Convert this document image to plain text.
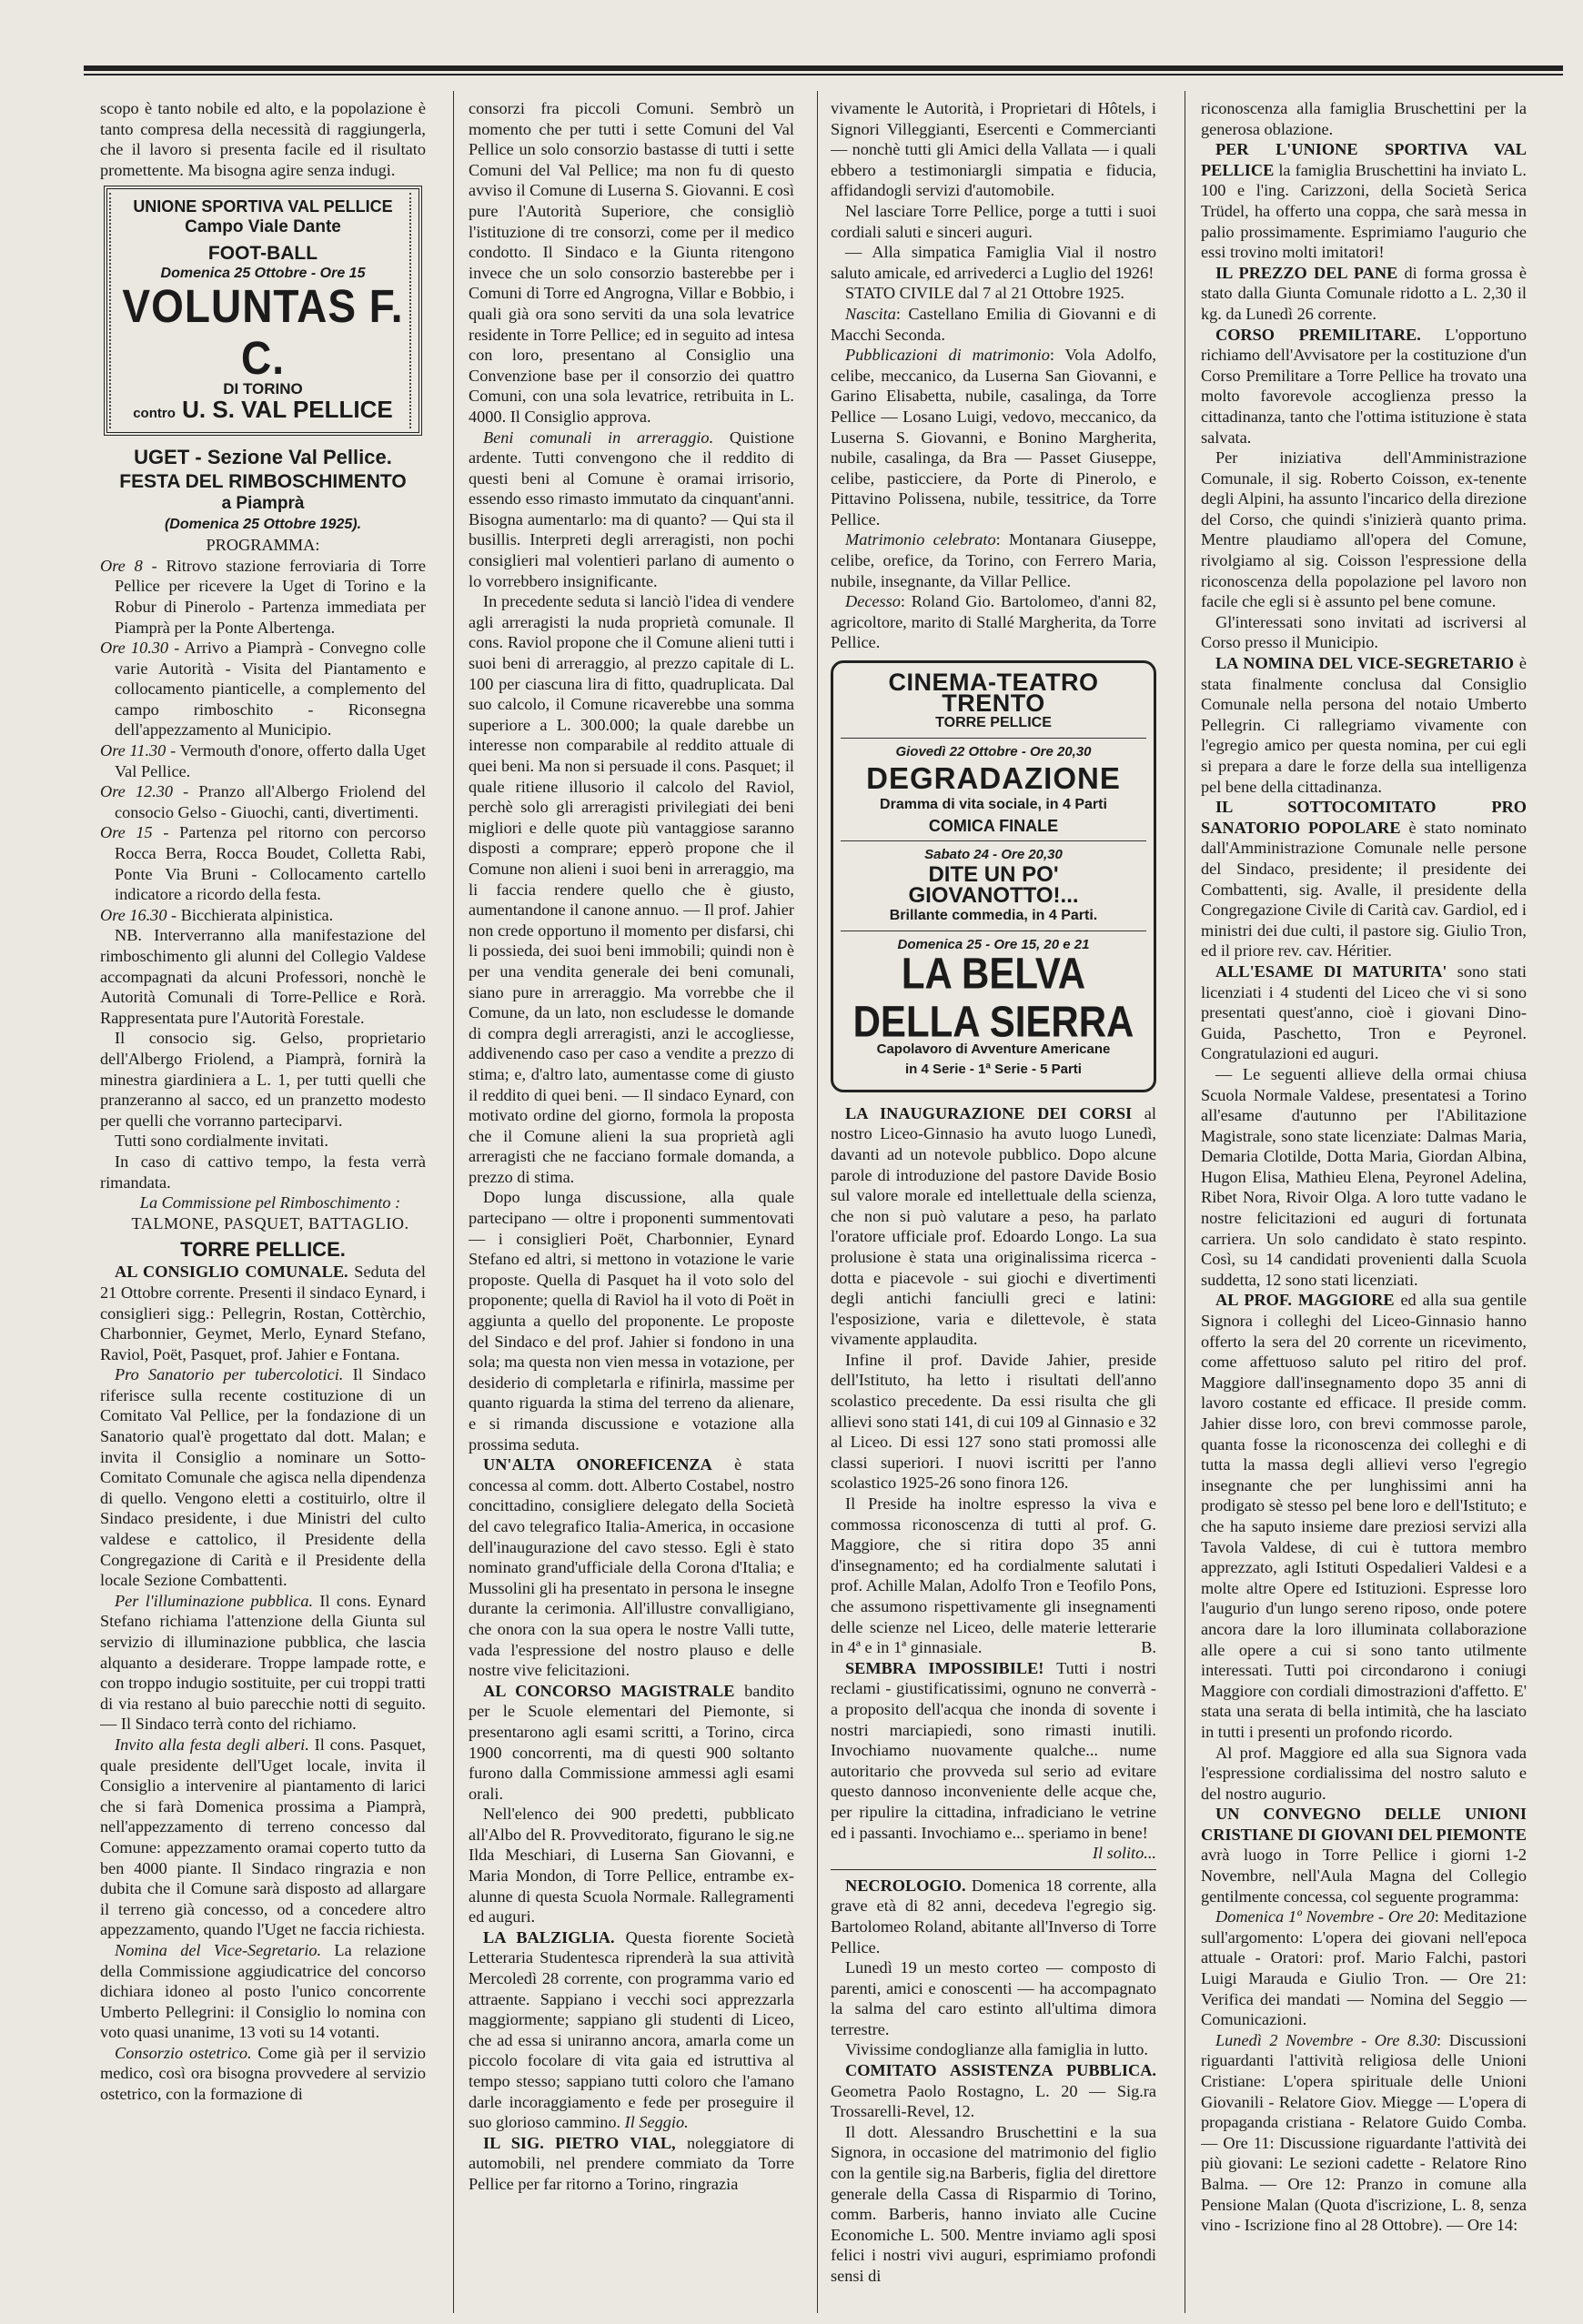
scopo è tanto nobile ed alto, e la popolazione è tanto compresa della necessità di raggiungerla, che il lavoro si presenta facile ed il risultato promettente. Ma bisogna agire senza indugi.

UNIONE SPORTIVA VAL PELLICE
Campo Viale Dante
FOOT-BALL
Domenica 25 Ottobre - Ore 15
VOLUNTAS F. C.
DI TORINO
contro U. S. VAL PELLICE
UGET - Sezione Val Pellice.
FESTA DEL RIMBOSCHIMENTO
a Piamprà
(Domenica 25 Ottobre 1925).
PROGRAMMA:

Ore 8 - Ritrovo stazione ferroviaria di Torre Pellice per ricevere la Uget di Torino e la Robur di Pinerolo - Partenza immediata per Piamprà per la Ponte Albertenga.

Ore 10.30 - Arrivo a Piamprà - Convegno colle varie Autorità - Visita del Piantamento e collocamento pianticelle, a complemento del campo rimboschito - Riconsegna dell'appezzamento al Municipio.

Ore 11.30 - Vermouth d'onore, offerto dalla Uget Val Pellice.

Ore 12.30 - Pranzo all'Albergo Friolend del consocio Gelso - Giuochi, canti, divertimenti.

Ore 15 - Partenza pel ritorno con percorso Rocca Berra, Rocca Boudet, Colletta Rabi, Ponte Via Bruni - Collocamento cartello indicatore a ricordo della festa.

Ore 16.30 - Bicchierata alpinistica.

NB. Interverranno alla manifestazione del rimboschimento gli alunni del Collegio Valdese accompagnati da alcuni Professori, nonchè le Autorità Comunali di Torre-Pellice e Rorà. Rappresentata pure l'Autorità Forestale.

Il consocio sig. Gelso, proprietario dell'Albergo Friolend, a Piamprà, fornirà la minestra giardiniera a L. 1, per tutti quelli che pranzeranno al sacco, ed un pranzetto modesto per quelli che vorranno parteciparvi.

Tutti sono cordialmente invitati.

In caso di cattivo tempo, la festa verrà rimandata.

La Commissione pel Rimboschimento :

TALMONE, PASQUET, BATTAGLIO.

TORRE PELLICE.

AL CONSIGLIO COMUNALE. Seduta del 21 Ottobre corrente. Presenti il sindaco Eynard, i consiglieri sigg.: Pellegrin, Rostan, Cottèrchio, Charbonnier, Geymet, Merlo, Eynard Stefano, Raviol, Poët, Pasquet, prof. Jahier e Fontana.

Pro Sanatorio per tubercolotici. Il Sindaco riferisce sulla recente costituzione di un Comitato Val Pellice, per la fondazione di un Sanatorio qual'è progettato dal dott. Malan; e invita il Consiglio a nominare un Sotto-Comitato Comunale che agisca nella dipendenza di quello. Vengono eletti a costituirlo, oltre il Sindaco presidente, i due Ministri del culto valdese e cattolico, il Presidente della Congregazione di Carità e il Presidente della locale Sezione Combattenti.

Per l'illuminazione pubblica. Il cons. Eynard Stefano richiama l'attenzione della Giunta sul servizio di illuminazione pubblica, che lascia alquanto a desiderare. Troppe lampade rotte, e con troppo indugio sostituite, per cui troppi tratti di via restano al buio parecchie notti di seguito. — Il Sindaco terrà conto del richiamo.

Invito alla festa degli alberi. Il cons. Pasquet, quale presidente dell'Uget locale, invita il Consiglio a intervenire al piantamento di larici che si farà Domenica prossima a Piamprà, nell'appezzamento di terreno concesso dal Comune: appezzamento oramai coperto tutto da ben 4000 piante. Il Sindaco ringrazia e non dubita che il Comune sarà disposto ad allargare il terreno già concesso, od a concedere altro appezzamento, quando l'Uget ne faccia richiesta.

Nomina del Vice-Segretario. La relazione della Commissione aggiudicatrice del concorso dichiara idoneo al posto l'unico concorrente Umberto Pellegrini: il Consiglio lo nomina con voto quasi unanime, 13 voti su 14 votanti.

Consorzio ostetrico. Come già per il servizio medico, così ora bisogna provvedere al servizio ostetrico, con la formazione di

consorzi fra piccoli Comuni. Sembrò un momento che per tutti i sette Comuni del Val Pellice un solo consorzio bastasse di tutti i sette Comuni del Val Pellice; ma non fu di questo avviso il Comune di Luserna S. Giovanni. E così pure l'Autorità Superiore, che consigliò l'istituzione di tre consorzi, come per il medico condotto. Il Sindaco e la Giunta ritengono invece che un solo consorzio basterebbe per i Comuni di Torre ed Angrogna, Villar e Bobbio, i quali già ora sono serviti da una sola levatrice residente in Torre Pellice; ed in seguito ad intesa con loro, presentano al Consiglio una Convenzione base per il consorzio dei quattro Comuni, con una sola levatrice, retribuita in L. 4000. Il Consiglio approva.

Beni comunali in arreraggio. Quistione ardente. Tutti convengono che il reddito di questi beni al Comune è oramai irrisorio, essendo esso rimasto immutato da cinquant'anni. Bisogna aumentarlo: ma di quanto? — Qui sta il busillis. Interpreti degli arreragisti, non pochi consiglieri mal volentieri parlano di aumento o lo vorrebbero insignificante.

In precedente seduta si lanciò l'idea di vendere agli arreragisti la nuda proprietà comunale. Il cons. Raviol propone che il Comune alieni tutti i suoi beni di arreraggio, al prezzo capitale di L. 100 per ciascuna lira di fitto, quadruplicata. Dal suo calcolo, il Comune ricaverebbe una somma superiore a L. 300.000; la quale darebbe un interesse non comparabile al reddito attuale di quei beni. Ma non si persuade il cons. Pasquet; il quale ritiene illusorio il calcolo del Raviol, perchè solo gli arreragisti privilegiati dei beni migliori e delle quote più vantaggiose saranno disposti a comprare; epperò propone che il Comune non alieni i suoi beni in arreraggio, ma li faccia rendere quello che è giusto, aumentandone il canone annuo. — Il prof. Jahier non crede opportuno il momento per disfarsi, chi li possieda, dei suoi beni immobili; quindi non è per una vendita generale dei beni comunali, siano pure in arreraggio. Ma vorrebbe che il Comune, da un lato, non escludesse le domande di compra degli arreragisti, anzi le accogliesse, addivenendo caso per caso a vendite a prezzo di stima; e, d'altro lato, aumentasse come di giusto il reddito di quei beni. — Il sindaco Eynard, con motivato ordine del giorno, formola la proposta che il Comune alieni la sua proprietà agli arreragisti che ne facciano formale domanda, a prezzo di stima.

Dopo lunga discussione, alla quale partecipano — oltre i proponenti summentovati — i consiglieri Poët, Charbonnier, Eynard Stefano ed altri, si mettono in votazione le varie proposte. Quella di Pasquet ha il voto solo del proponente; quella di Raviol ha il voto di Poët in aggiunta a quello del proponente. Le proposte del Sindaco e del prof. Jahier si fondono in una sola; ma questa non vien messa in votazione, per desiderio di completarla e rifinirla, massime per quanto riguarda la stima del terreno da alienare, e si rimanda discussione e votazione alla prossima seduta.

UN'ALTA ONOREFICENZA è stata concessa al comm. dott. Alberto Costabel, nostro concittadino, consigliere delegato della Società del cavo telegrafico Italia-America, in occasione dell'inaugurazione del cavo stesso. Egli è stato nominato grand'ufficiale della Corona d'Italia; e Mussolini gli ha presentato in persona le insegne durante la cerimonia. All'illustre convalligiano, che onora con la sua opera le nostre Valli tutte, vada l'espressione del nostro plauso e delle nostre vive felicitazioni.

AL CONCORSO MAGISTRALE bandito per le Scuole elementari del Piemonte, si presentarono agli esami scritti, a Torino, circa 1900 concorrenti, ma di questi 900 soltanto furono dalla Commissione ammessi agli esami orali.

Nell'elenco dei 900 predetti, pubblicato all'Albo del R. Provveditorato, figurano le sig.ne Ilda Meschiari, di Luserna San Giovanni, e Maria Mondon, di Torre Pellice, entrambe ex-alunne di questa Scuola Normale. Rallegramenti ed auguri.

LA BALZIGLIA. Questa fiorente Società Letteraria Studentesca riprenderà la sua attività Mercoledì 28 corrente, con programma vario ed attraente. Sappiano i vecchi soci apprezzarla maggiormente; sappiano gli studenti di Liceo, che ad essa si uniranno ancora, amarla come un piccolo focolare di vita gaia ed istruttiva al tempo stesso; sappiano tutti coloro che l'amano darle incoraggiamento e fede per proseguire il suo glorioso cammino. Il Seggio.

IL SIG. PIETRO VIAL, noleggiatore di automobili, nel prendere commiato da Torre Pellice per far ritorno a Torino, ringrazia

vivamente le Autorità, i Proprietari di Hôtels, i Signori Villeggianti, Esercenti e Commercianti — nonchè tutti gli Amici della Vallata — i quali ebbero a testimoniargli simpatia e fiducia, affidandogli servizi d'automobile.

Nel lasciare Torre Pellice, porge a tutti i suoi cordiali saluti e sinceri auguri.

— Alla simpatica Famiglia Vial il nostro saluto amicale, ed arrivederci a Luglio del 1926!

STATO CIVILE dal 7 al 21 Ottobre 1925.

Nascita: Castellano Emilia di Giovanni e di Macchi Seconda.

Pubblicazioni di matrimonio: Vola Adolfo, celibe, meccanico, da Luserna San Giovanni, e Garino Elisabetta, nubile, casalinga, da Torre Pellice — Losano Luigi, vedovo, meccanico, da Luserna S. Giovanni, e Bonino Margherita, nubile, casalinga, da Bra — Passet Giuseppe, celibe, pasticciere, da Porte di Pinerolo, e Pittavino Polissena, nubile, tessitrice, da Torre Pellice.

Matrimonio celebrato: Montanara Giuseppe, celibe, orefice, da Torino, con Ferrero Maria, nubile, insegnante, da Villar Pellice.

Decesso: Roland Gio. Bartolomeo, d'anni 82, agricoltore, marito di Stallé Margherita, da Torre Pellice.

CINEMA-TEATRO TRENTO
TORRE PELLICE
Giovedì 22 Ottobre - Ore 20,30
DEGRADAZIONE
Dramma di vita sociale, in 4 Parti
COMICA FINALE
Sabato 24 - Ore 20,30
DITE UN PO' GIOVANOTTO!...
Brillante commedia, in 4 Parti.
Domenica 25 - Ore 15, 20 e 21
LA BELVA DELLA SIERRA
Capolavoro di Avventure Americane
in 4 Serie - 1ª Serie - 5 Parti

LA INAUGURAZIONE DEI CORSI al nostro Liceo-Ginnasio ha avuto luogo Lunedì, davanti ad un notevole pubblico. Dopo alcune parole di introduzione del pastore Davide Bosio sul valore morale ed intellettuale della scienza, che non si può valutare a peso, ha parlato l'oratore ufficiale prof. Edoardo Longo. La sua prolusione è stata una originalissima ricerca - dotta e piacevole - sui giochi e divertimenti degli antichi fanciulli greci e latini: l'esposizione, varia e dilettevole, è stata vivamente applaudita.

Infine il prof. Davide Jahier, preside dell'Istituto, ha letto i risultati dell'anno scolastico precedente. Da essi risulta che gli allievi sono stati 141, di cui 109 al Ginnasio e 32 al Liceo. Di essi 127 sono stati promossi alle classi superiori. I nuovi iscritti per l'anno scolastico 1925-26 sono finora 126.

Il Preside ha inoltre espresso la viva e commossa riconoscenza di tutti al prof. G. Maggiore, che si ritira dopo 35 anni d'insegnamento; ed ha cordialmente salutati i prof. Achille Malan, Adolfo Tron e Teofilo Pons, che assumono rispettivamente gli insegnamenti delle scienze nel Liceo, delle materie letterarie in 4ª e in 1ª ginnasiale.	B.

SEMBRA IMPOSSIBILE! Tutti i nostri reclami - giustificatissimi, ognuno ne converrà - a proposito dell'acqua che inonda di sovente i nostri marciapiedi, sono rimasti inutili. Invochiamo nuovamente qualche... nume autoritario che provveda sul serio ad evitare questo dannoso inconveniente delle acque che, per ripulire la cittadina, infradiciano le vetrine ed i passanti. Invochiamo e... speriamo in bene!

Il solito...

NECROLOGIO. Domenica 18 corrente, alla grave età di 82 anni, decedeva l'egregio sig. Bartolomeo Roland, abitante all'Inverso di Torre Pellice.

Lunedì 19 un mesto corteo — composto di parenti, amici e conoscenti — ha accompagnato la salma del caro estinto all'ultima dimora terrestre.

Vivissime condoglianze alla famiglia in lutto.

COMITATO ASSISTENZA PUBBLICA. Geometra Paolo Rostagno, L. 20 — Sig.ra Trossarelli-Revel, 12.

Il dott. Alessandro Bruschettini e la sua Signora, in occasione del matrimonio del figlio con la gentile sig.na Barberis, figlia del direttore generale della Cassa di Risparmio di Torino, comm. Barberis, hanno inviato alle Cucine Economiche L. 500. Mentre inviamo agli sposi felici i nostri vivi auguri, esprimiamo profondi sensi di

riconoscenza alla famiglia Bruschettini per la generosa oblazione.

PER L'UNIONE SPORTIVA VAL PELLICE la famiglia Bruschettini ha inviato L. 100 e l'ing. Carizzoni, della Società Serica Trüdel, ha offerto una coppa, che sarà messa in palio prossimamente. Esprimiamo l'augurio che essi trovino molti imitatori!

IL PREZZO DEL PANE di forma grossa è stato dalla Giunta Comunale ridotto a L. 2,30 il kg. da Lunedì 26 corrente.

CORSO PREMILITARE. L'opportuno richiamo dell'Avvisatore per la costituzione d'un Corso Premilitare a Torre Pellice ha trovato una molto favorevole accoglienza presso la cittadinanza, tanto che l'ottima istituzione è stata salvata.

Per iniziativa dell'Amministrazione Comunale, il sig. Roberto Coisson, ex-tenente degli Alpini, ha assunto l'incarico della direzione del Corso, che quindi s'inizierà quanto prima. Mentre plaudiamo all'opera del Comune, rivolgiamo al sig. Coisson l'espressione della riconoscenza della popolazione pel lavoro non facile che egli si è assunto pel bene comune.

Gl'interessati sono invitati ad iscriversi al Corso presso il Municipio.

LA NOMINA DEL VICE-SEGRETARIO è stata finalmente conclusa dal Consiglio Comunale nella persona del notaio Umberto Pellegrin. Ci rallegriamo vivamente con l'egregio amico per questa nomina, per cui egli si prepara a dare le forze della sua intelligenza pel bene della cittadinanza.

IL SOTTOCOMITATO PRO SANATORIO POPOLARE è stato nominato dall'Amministrazione Comunale nelle persone del Sindaco, presidente; il presidente dei Combattenti, sig. Avalle, il presidente della Congregazione Civile di Carità cav. Gardiol, ed i ministri dei due culti, il pastore sig. Giulio Tron, ed il priore rev. cav. Héritier.

ALL'ESAME DI MATURITA' sono stati licenziati i 4 studenti del Liceo che vi si sono presentati quest'anno, cioè i giovani Dino-Guida, Paschetto, Tron e Peyronel. Congratulazioni ed auguri.

— Le seguenti allieve della ormai chiusa Scuola Normale Valdese, presentatesi a Torino all'esame d'autunno per l'Abilitazione Magistrale, sono state licenziate: Dalmas Maria, Demaria Clotilde, Dotta Maria, Giordan Albina, Hugon Elisa, Mathieu Elena, Peyronel Adelina, Ribet Nora, Rivoir Olga. A loro tutte vadano le nostre felicitazioni ed auguri di fortunata carriera. Un solo candidato è stato respinto. Così, su 14 candidati provenienti dalla Scuola suddetta, 12 sono stati licenziati.

AL PROF. MAGGIORE ed alla sua gentile Signora i colleghi del Liceo-Ginnasio hanno offerto la sera del 20 corrente un ricevimento, come affettuoso saluto pel ritiro del prof. Maggiore dall'insegnamento dopo 35 anni di lavoro costante ed efficace. Il preside comm. Jahier disse loro, con brevi commosse parole, quanta fosse la riconoscenza dei colleghi e di tutta la massa degli allievi verso l'egregio insegnante che per lunghissimi anni ha prodigato sè stesso pel bene loro e dell'Istituto; e che ha saputo insieme dare preziosi servizi alla Tavola Valdese, di cui è tuttora membro apprezzato, agli Istituti Ospedalieri Valdesi e a molte altre Opere ed Istituzioni. Espresse loro l'augurio d'un lungo sereno riposo, onde potere ancora dare la loro illuminata collaborazione alle opere a cui si sono tanto utilmente interessati. Tutti poi circondarono i coniugi Maggiore con cordiali dimostrazioni d'affetto. E' stata una serata di bella intimità, che ha lasciato in tutti i presenti un profondo ricordo.

Al prof. Maggiore ed alla sua Signora vada l'espressione cordialissima del nostro saluto e del nostro augurio.

UN CONVEGNO DELLE UNIONI CRISTIANE DI GIOVANI DEL PIEMONTE avrà luogo in Torre Pellice i giorni 1-2 Novembre, nell'Aula Magna del Collegio gentilmente concessa, col seguente programma:

Domenica 1º Novembre - Ore 20: Meditazione sull'argomento: L'opera dei giovani nell'epoca attuale - Oratori: prof. Mario Falchi, pastori Luigi Marauda e Giulio Tron. — Ore 21: Verifica dei mandati — Nomina del Seggio — Comunicazioni.

Lunedì 2 Novembre - Ore 8.30: Discussioni riguardanti l'attività religiosa delle Unioni Cristiane: L'opera spirituale delle Unioni Giovanili - Relatore Giov. Mieggе — L'opera di propaganda cristiana - Relatore Guido Comba. — Ore 11: Discussione riguardante l'attività dei più giovani: Le sezioni cadette - Relatore Rino Balma. — Ore 12: Pranzo in comune alla Pensione Malan (Quota d'iscrizione, L. 8, senza vino - Iscrizione fino al 28 Ottobre). — Ore 14:
